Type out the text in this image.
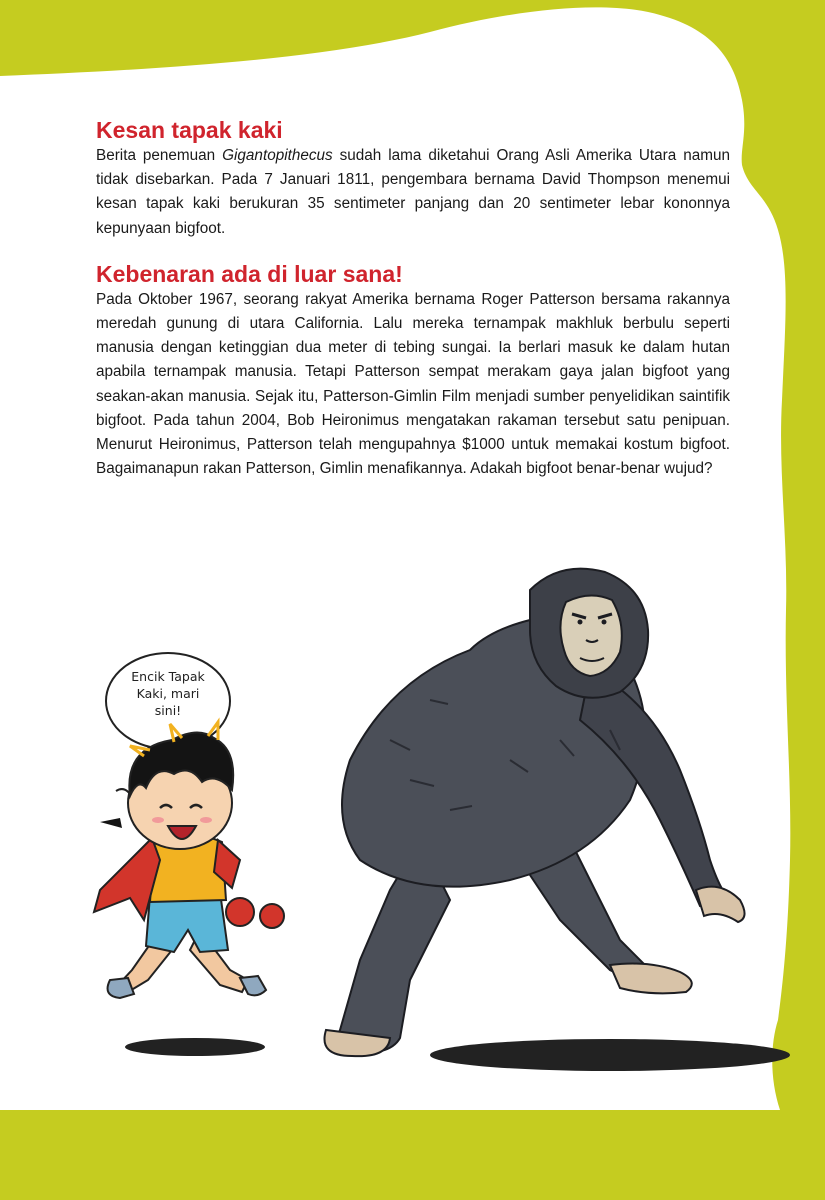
Kesan tapak kaki

Berita penemuan Gigantopithecus sudah lama diketahui Orang Asli Amerika Utara namun tidak disebarkan. Pada 7 Januari 1811, pengembara bernama David Thompson menemui kesan tapak kaki berukuran 35 sentimeter panjang dan 20 sentimeter lebar kononnya kepunyaan bigfoot.

Kebenaran ada di luar sana!

Pada Oktober 1967, seorang rakyat Amerika bernama Roger Patterson bersama rakannya meredah gunung di utara California. Lalu mereka ternampak makhluk berbulu seperti manusia dengan ketinggian dua meter di tebing sungai. Ia berlari masuk ke dalam hutan apabila ternampak manusia. Tetapi Patterson sempat merakam gaya jalan bigfoot yang seakan-akan manusia. Sejak itu, Patterson-Gimlin Film menjadi sumber penyelidikan saintifik bigfoot. Pada tahun 2004, Bob Heironimus mengatakan rakaman tersebut satu penipuan. Menurut Heironimus, Patterson telah mengupahnya $1000 untuk memakai kostum bigfoot. Bagaimanapun rakan Patterson, Gimlin menafikannya. Adakah bigfoot benar-benar wujud?

Encik Tapak
Kaki, mari
sini!
